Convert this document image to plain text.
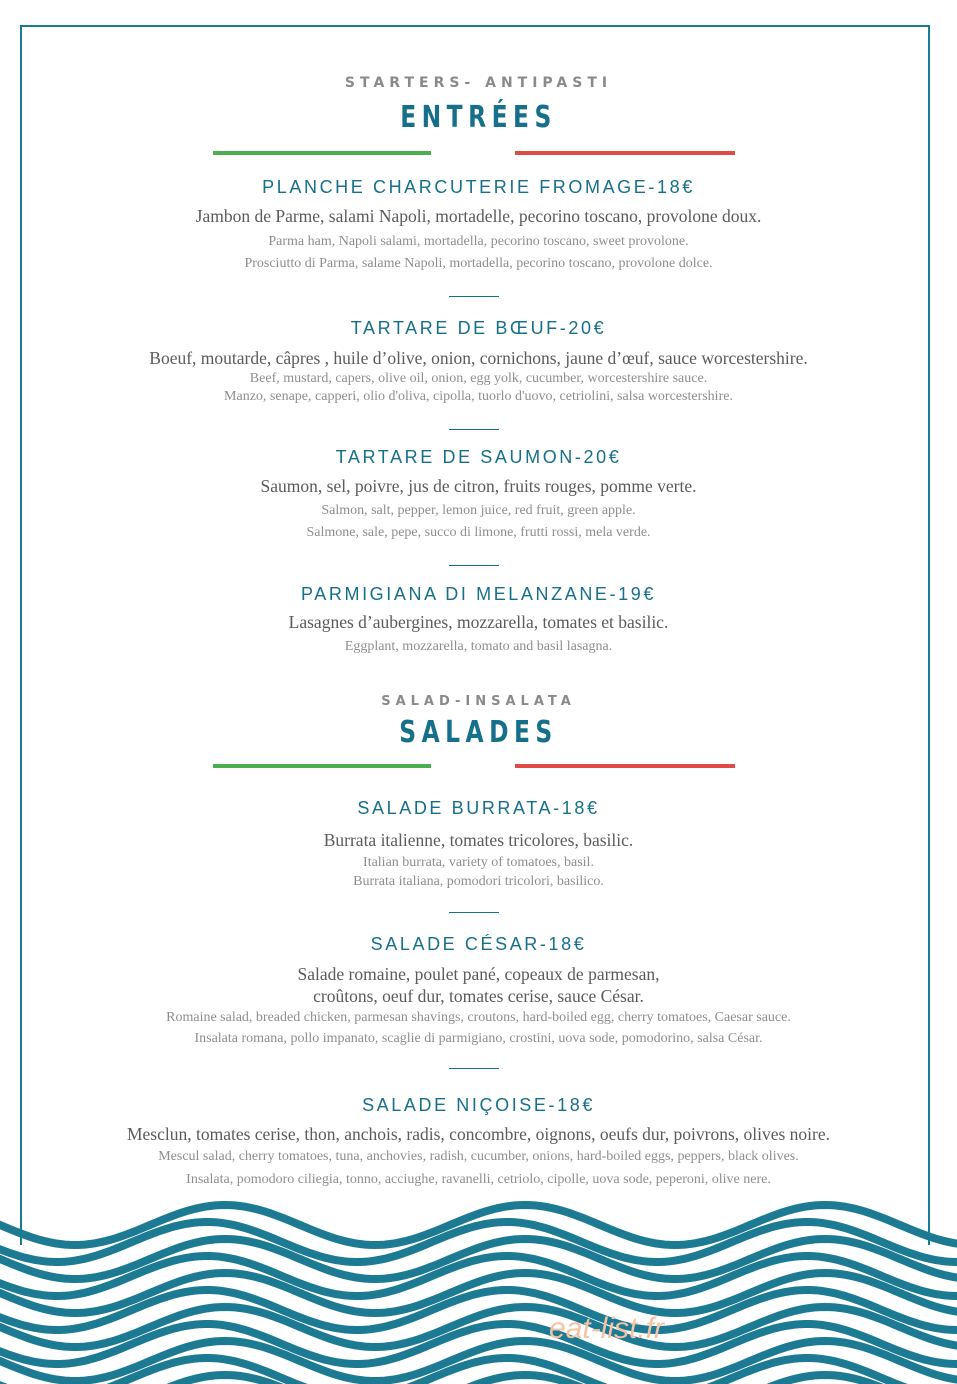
STARTERS- ANTIPASTI
ENTRÉES
PLANCHE CHARCUTERIE FROMAGE-18€
Jambon de Parme, salami Napoli, mortadelle, pecorino toscano, provolone doux.
Parma ham, Napoli salami, mortadella, pecorino toscano, sweet provolone.
Prosciutto di Parma, salame Napoli, mortadella, pecorino toscano, provolone dolce.
TARTARE DE BŒUF-20€
Boeuf, moutarde, câpres , huile d’olive, onion, cornichons, jaune d’œuf, sauce worcestershire.
Beef, mustard, capers, olive oil, onion, egg yolk, cucumber, worcestershire sauce.
Manzo, senape, capperi, olio d'oliva, cipolla, tuorlo d'uovo, cetriolini, salsa worcestershire.
TARTARE DE SAUMON-20€
Saumon, sel, poivre, jus de citron, fruits rouges, pomme verte.
Salmon, salt, pepper, lemon juice, red fruit, green apple.
Salmone, sale, pepe, succo di limone, frutti rossi, mela verde.
PARMIGIANA DI MELANZANE-19€
Lasagnes d’aubergines, mozzarella, tomates et basilic.
Eggplant, mozzarella, tomato and basil lasagna.
SALAD-INSALATA
SALADES
SALADE BURRATA-18€
Burrata italienne, tomates tricolores, basilic.
Italian burrata, variety of tomatoes, basil.
Burrata italiana, pomodori tricolori, basilico.
SALADE CÉSAR-18€
Salade romaine, poulet pané, copeaux de parmesan,
croûtons, oeuf dur, tomates cerise, sauce César.
Romaine salad, breaded chicken, parmesan shavings, croutons, hard-boiled egg, cherry tomatoes, Caesar sauce.
Insalata romana, pollo impanato, scaglie di parmigiano, crostini, uova sode, pomodorino, salsa César.
SALADE NIÇOISE-18€
Mesclun, tomates cerise, thon, anchois, radis, concombre, oignons, oeufs dur, poivrons, olives noire.
Mescul salad, cherry tomatoes, tuna, anchovies, radish, cucumber, onions, hard-boiled eggs, peppers, black olives.
Insalata, pomodoro ciliegia, tonno, acciughe, ravanelli, cetriolo, cipolle, uova sode, peperoni, olive nere.
eat-list.fr
